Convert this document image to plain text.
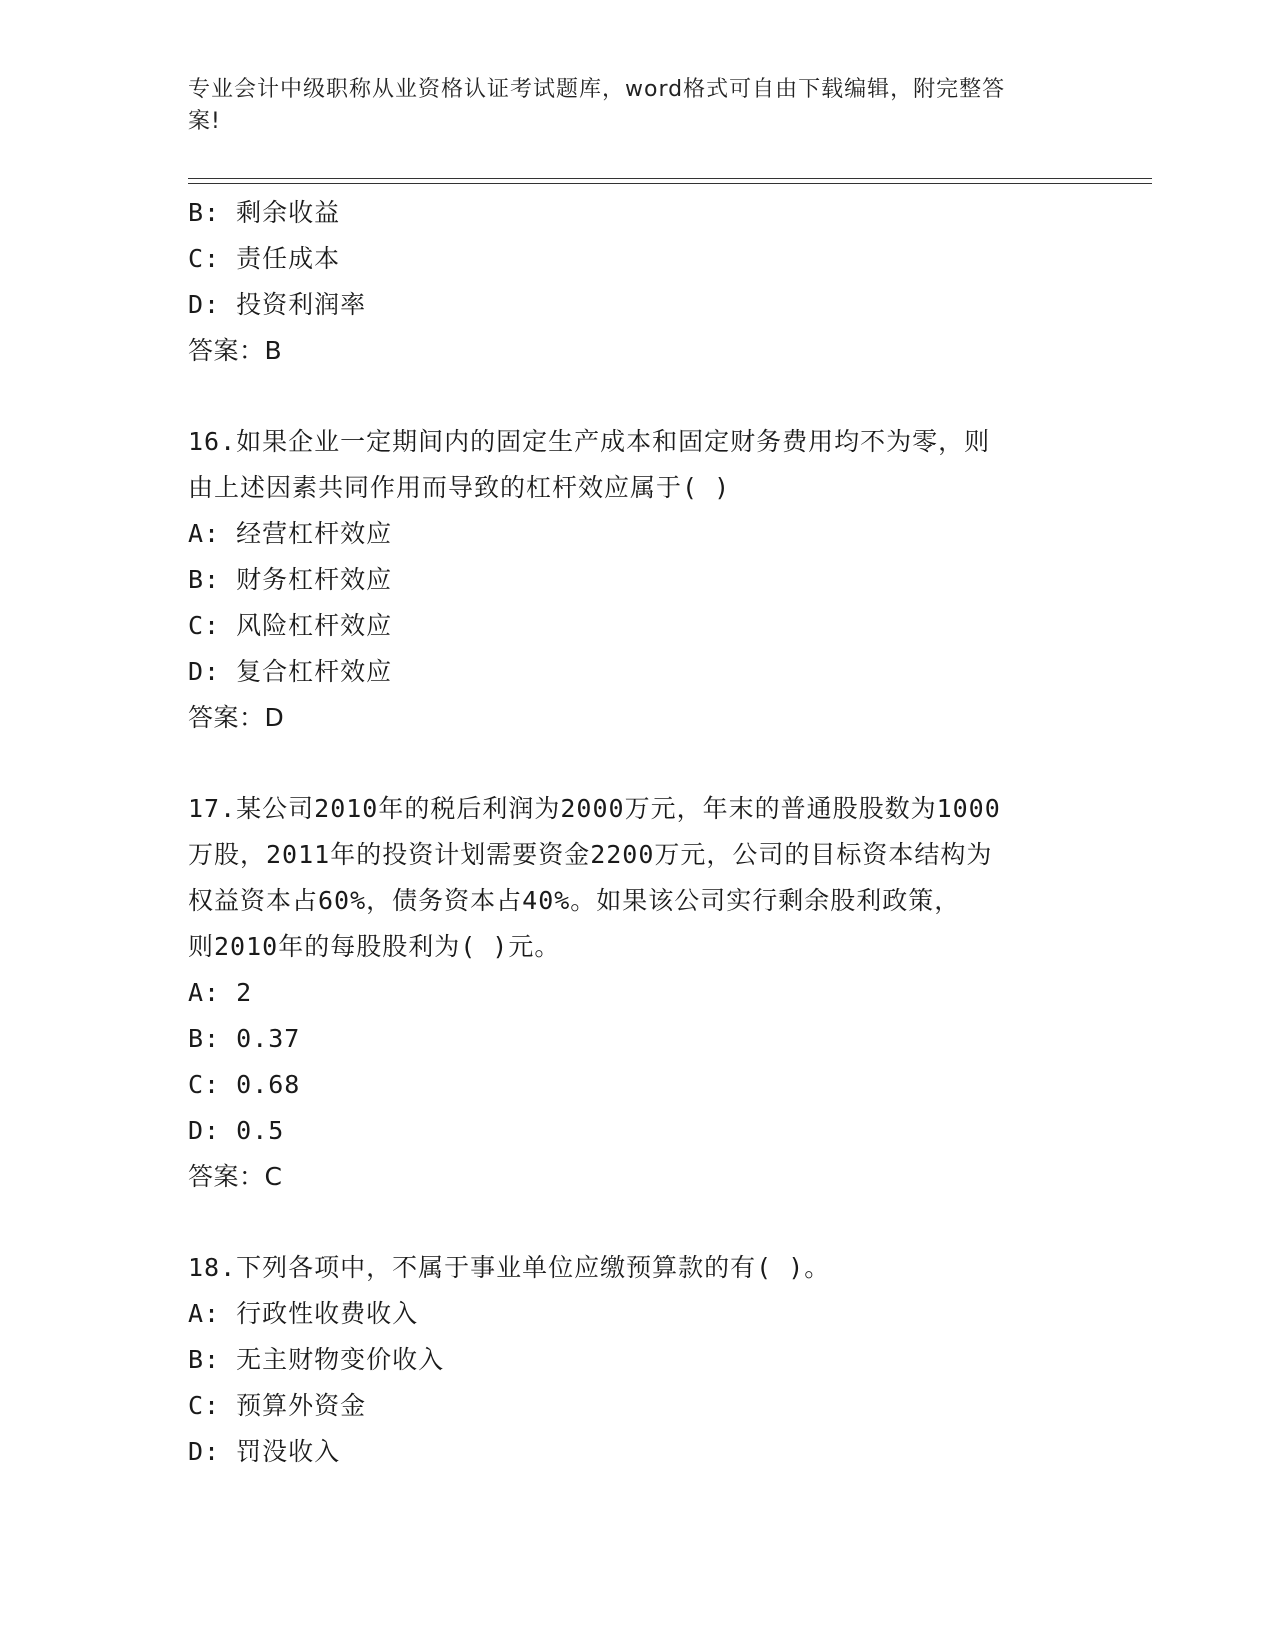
专业会计中级职称从业资格认证考试题库，word格式可自由下载编辑，附完整答
案!
B: 剩余收益
C: 责任成本
D: 投资利润率
答案：B
16.如果企业一定期间内的固定生产成本和固定财务费用均不为零，则
由上述因素共同作用而导致的杠杆效应属于( )
A: 经营杠杆效应
B: 财务杠杆效应
C: 风险杠杆效应
D: 复合杠杆效应
答案：D
17.某公司2010年的税后利润为2000万元，年末的普通股股数为1000
万股，2011年的投资计划需要资金2200万元，公司的目标资本结构为
权益资本占60%，债务资本占40%。如果该公司实行剩余股利政策，
则2010年的每股股利为( )元。
A: 2
B: 0.37
C: 0.68
D: 0.5
答案：C
18.下列各项中，不属于事业单位应缴预算款的有( )。
A: 行政性收费收入
B: 无主财物变价收入
C: 预算外资金
D: 罚没收入
